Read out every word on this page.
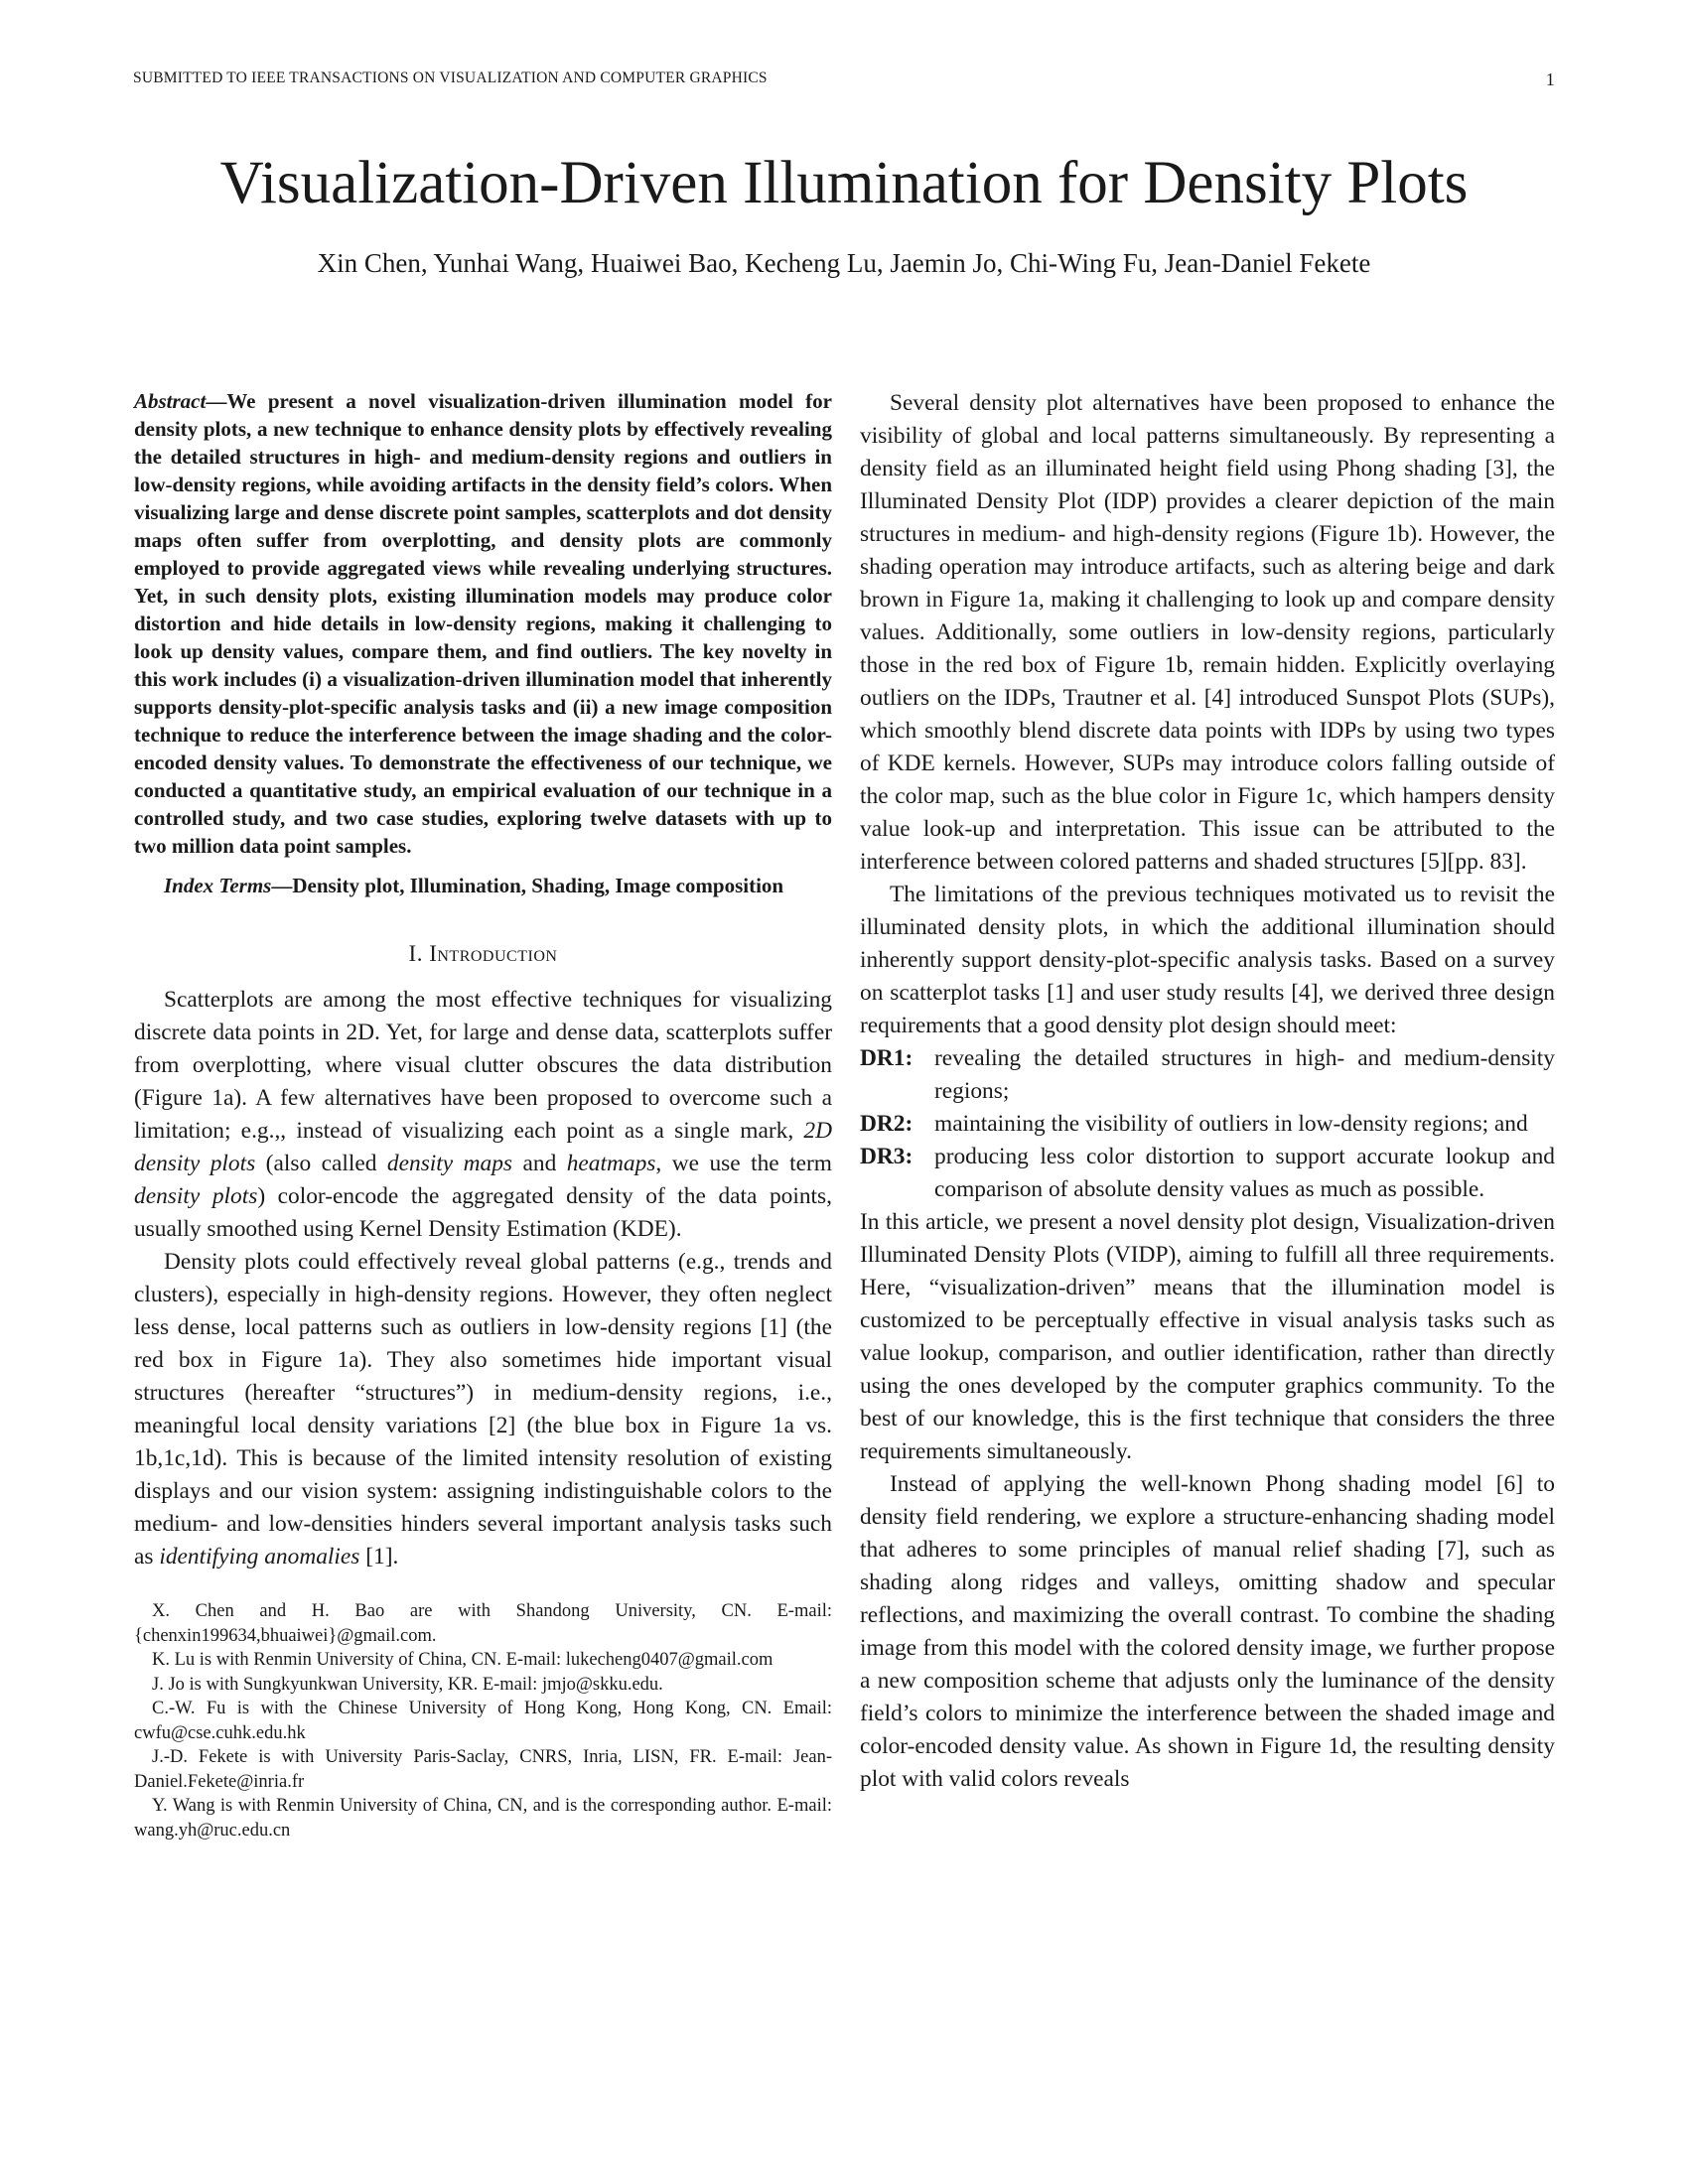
SUBMITTED TO IEEE TRANSACTIONS ON VISUALIZATION AND COMPUTER GRAPHICS	1
Visualization-Driven Illumination for Density Plots

Xin Chen, Yunhai Wang, Huaiwei Bao, Kecheng Lu, Jaemin Jo, Chi-Wing Fu, Jean-Daniel Fekete

Abstract—We present a novel visualization-driven illumination model for density plots, a new technique to enhance density plots by effectively revealing the detailed structures in high- and medium-density regions and outliers in low-density regions, while avoiding artifacts in the density field’s colors. When visualizing large and dense discrete point samples, scatterplots and dot density maps often suffer from overplotting, and density plots are commonly employed to provide aggregated views while revealing underlying structures. Yet, in such density plots, existing illumination models may produce color distortion and hide details in low-density regions, making it challenging to look up density values, compare them, and find outliers. The key novelty in this work includes (i) a visualization-driven illumination model that inherently supports density-plot-specific analysis tasks and (ii) a new image composition technique to reduce the interference between the image shading and the color-encoded density values. To demonstrate the effectiveness of our technique, we conducted a quantitative study, an empirical evaluation of our technique in a controlled study, and two case studies, exploring twelve datasets with up to two million data point samples.

Index Terms—Density plot, Illumination, Shading, Image composition

I. Introduction

Scatterplots are among the most effective techniques for visualizing discrete data points in 2D. Yet, for large and dense data, scatterplots suffer from overplotting, where visual clutter obscures the data distribution (Figure 1a). A few alternatives have been proposed to overcome such a limitation; e.g.,, instead of visualizing each point as a single mark, 2D density plots (also called density maps and heatmaps, we use the term density plots) color-encode the aggregated density of the data points, usually smoothed using Kernel Density Estimation (KDE).

Density plots could effectively reveal global patterns (e.g., trends and clusters), especially in high-density regions. However, they often neglect less dense, local patterns such as outliers in low-density regions [1] (the red box in Figure 1a). They also sometimes hide important visual structures (hereafter “structures”) in medium-density regions, i.e., meaningful local density variations [2] (the blue box in Figure 1a vs. 1b,1c,1d). This is because of the limited intensity resolution of existing displays and our vision system: assigning indistinguishable colors to the medium- and low-densities hinders several important analysis tasks such as identifying anomalies [1].

X. Chen and H. Bao are with Shandong University, CN. E-mail: {chenxin199634,bhuaiwei}@gmail.com.

K. Lu is with Renmin University of China, CN. E-mail: lukecheng0407@gmail.com

J. Jo is with Sungkyunkwan University, KR. E-mail: jmjo@skku.edu.

C.-W. Fu is with the Chinese University of Hong Kong, Hong Kong, CN. Email: cwfu@cse.cuhk.edu.hk

J.-D. Fekete is with University Paris-Saclay, CNRS, Inria, LISN, FR. E-mail: Jean-Daniel.Fekete@inria.fr

Y. Wang is with Renmin University of China, CN, and is the corresponding author. E-mail: wang.yh@ruc.edu.cn

Several density plot alternatives have been proposed to enhance the visibility of global and local patterns simultaneously. By representing a density field as an illuminated height field using Phong shading [3], the Illuminated Density Plot (IDP) provides a clearer depiction of the main structures in medium- and high-density regions (Figure 1b). However, the shading operation may introduce artifacts, such as altering beige and dark brown in Figure 1a, making it challenging to look up and compare density values. Additionally, some outliers in low-density regions, particularly those in the red box of Figure 1b, remain hidden. Explicitly overlaying outliers on the IDPs, Trautner et al. [4] introduced Sunspot Plots (SUPs), which smoothly blend discrete data points with IDPs by using two types of KDE kernels. However, SUPs may introduce colors falling outside of the color map, such as the blue color in Figure 1c, which hampers density value look-up and interpretation. This issue can be attributed to the interference between colored patterns and shaded structures [5][pp. 83].

The limitations of the previous techniques motivated us to revisit the illuminated density plots, in which the additional illumination should inherently support density-plot-specific analysis tasks. Based on a survey on scatterplot tasks [1] and user study results [4], we derived three design requirements that a good density plot design should meet:

DR1: revealing the detailed structures in high- and medium-density regions;
DR2: maintaining the visibility of outliers in low-density regions; and
DR3: producing less color distortion to support accurate lookup and comparison of absolute density values as much as possible.

In this article, we present a novel density plot design, Visualization-driven Illuminated Density Plots (VIDP), aiming to fulfill all three requirements. Here, “visualization-driven” means that the illumination model is customized to be perceptually effective in visual analysis tasks such as value lookup, comparison, and outlier identification, rather than directly using the ones developed by the computer graphics community. To the best of our knowledge, this is the first technique that considers the three requirements simultaneously.

Instead of applying the well-known Phong shading model [6] to density field rendering, we explore a structure-enhancing shading model that adheres to some principles of manual relief shading [7], such as shading along ridges and valleys, omitting shadow and specular reflections, and maximizing the overall contrast. To combine the shading image from this model with the colored density image, we further propose a new composition scheme that adjusts only the luminance of the density field’s colors to minimize the interference between the shaded image and color-encoded density value. As shown in Figure 1d, the resulting density plot with valid colors reveals
